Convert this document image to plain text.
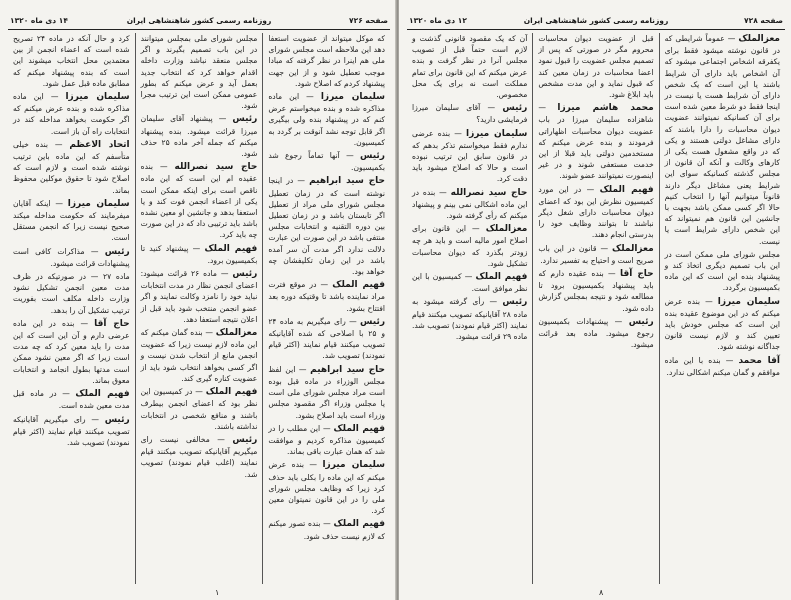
صفحه ۷۲۶
روزنامه رسمی کشور شاهنشاهی ایران
۱۴ دی ماه ۱۳۲۰

که موکل میتواند از عضویت استعفا دهد این ملاحظه است مجلس شورای ملی هم اینرا در نظر گرفته که مبادا موجب تعطیل شود و از این جهت پیشنهاد کردم که اصلاح شود.

سلیمان میرزا — این ماده مذاکره شده و بنده میخواستم عرض کنم که در پیشنهاد بنده ولی بیگیری اگر قابل توجه نشد آنوقت بر گردد به کمیسیون.

رئیس — آنها تماماً رجوع شد بکمیسیون.

حاج سید ابراهیم — در اینجا نوشته است که در زمان تعطیل مجلس شورای ملی مراد از تعطیل اگر تابستان باشد و در زمان تعطیل بین دوره التقنیه و انتخابات مجلس منتفی باشد در این صورت این عبارت دلالت ندارد اگر مدت آن سر آمده باشد در این زمان تکلیفشان چه خواهد بود.

فهیم الملک — در موقع فترت مراد نماینده باشد تا وقتیکه دوره بعد افتتاح بشود.

رئیس — رای میگیریم به ماده ۲۴ و ۲۵ با اصلاحی که شده آقایانیکه تصویب میکنند قیام نمایند (اکثر قیام نمودند) تصویب شد.

حاج سید ابراهیم — این لفظ مجلس الوزراء در ماده قبل بوده است مراد مجلس شورای ملی است یا مجلس وزراء اگر مقصود مجلس وزراء است باید اصلاح بشود.

فهیم الملک — این مطلب را در کمیسیون مذاکره کردیم و موافقت شد که همان عبارت باقی بماند.

سلیمان میرزا — بنده عرض میکنم که این ماده را بکلی باید حذف کرد زیرا که وظایف مجلس شورای ملی را در این قانون نمیتوان معین کرد.

فهیم الملک — بنده تصور میکنم که لازم نیست حذف شود.

مجلس شورای ملی بمجلس میتوانند در این باب تصمیم بگیرند و اگر مجلس منعقد نباشد وزارت داخله اقدام خواهد کرد که انتخاب جدید بعمل آید و عرض میکنم که بطور عمومی ممکن است این ترتیب مجرا شود.

رئیس — پیشنهاد آقای سلیمان میرزا قرائت میشود. بنده پیشنهاد میکنم که جمله آخر ماده ۲۵ حذف شود.

حاج سید نصرالله — بنده عقیده ام این است که این ماده ناقص است برای اینکه ممکن است یکی از اعضاء انجمن فوت کند و یا استعفا بدهد و جانشین او معین نشده باشد باید ترتیبی داد که در این صورت چه باید کرد.

فهیم الملک — پیشنهاد کنید تا بکمیسیون برود.

رئیس — ماده ۲۶ قرائت میشود: اعضای انجمن نظار در مدت انتخابات نباید خود را نامزد وکالت نمایند و اگر عضو انجمن منتخب شود باید قبل از اعلان نتیجه استعفا دهد.

معزالملک — بنده گمان میکنم که این ماده لازم نیست زیرا که عضویت انجمن مانع از انتخاب شدن نیست و اگر کسی بخواهد انتخاب شود باید از عضویت کناره گیری کند.

فهیم الملک — در کمیسیون این نظر بود که اعضای انجمن بیطرف باشند و منافع شخصی در انتخابات نداشته باشند.

رئیس — مخالفی نیست رای میگیریم آقایانیکه تصویب میکنند قیام نمایند (اغلب قیام نمودند) تصویب شد.

کرد و حال آنکه در ماده ۲۴ تصریح شده است که اعضاء انجمن از بین معتمدین محل انتخاب میشوند این است که بنده پیشنهاد میکنم که مطابق ماده قبل عمل شود.

سلیمان میرزا — این ماده مذاکره شده و بنده عرض میکنم که اگر حکومت بخواهد مداخله کند در انتخابات راه آن باز است.

اتحاد الاعظم — بنده خیلی متأسفم که این ماده باین ترتیب نوشته شده است و لازم است که اصلاح شود تا حقوق موکلین محفوظ بماند.

سلیمان میرزا — اینکه آقایان میفرمایند که حکومت مداخله میکند صحیح نیست زیرا که انجمن مستقل است.

رئیس — مذاکرات کافی است پیشنهادات قرائت میشود.

ماده ۲۷ — در صورتیکه در ظرف مدت معین انجمن تشکیل نشود وزارت داخله مکلف است بفوریت ترتیب تشکیل آن را بدهد.

حاج آقا — بنده در این ماده عرضی دارم و آن این است که این مدت را باید معین کرد که چه مدت است زیرا که اگر معین نشود ممکن است مدتها بطول انجامد و انتخابات معوق بماند.

فهیم الملک — در ماده قبل مدت معین شده است.

رئیس — رای میگیریم آقایانیکه تصویب میکنند قیام نمایند (اکثر قیام نمودند) تصویب شد.

۱
صفحه ۷۲۸
روزنامه رسمی کشور شاهنشاهی ایران
۱۲ دی ماه ۱۳۲۰

معزالملک — عموماً شرایطی که در قانون نوشته میشود فقط برای یکفرقه اشخاص اجتماعی میشود که آن اشخاص باید دارای آن شرایط باشند یا این است که یک شخص دارای آن شرایط هست یا نیست در اینجا فقط دو شرط معین شده است برای آن کسانیکه نمیتوانند عضویت دیوان محاسبات را دارا باشند که دارای مشاغل دولتی هستند و یکی که در واقع مشغول هست یکی از کارهای وکالت و آنکه آن قانون از مجلس گذشته کسانیکه سوای این شرایط یعنی مشاغل دیگر دارند قانوناً میتوانیم آنها را انتخاب کنیم حالا اگر کسی ممکن باشد بجهت با جانشین این قانون هم نمیتواند که این شخص دارای شرایط است یا نیست.

مجلس شورای ملی ممکن است در این باب تصمیم دیگری اتخاذ کند و پیشنهاد بنده این است که این ماده بکمیسیون برگردد.

سلیمان میرزا — بنده عرض میکنم که در این موضوع عقیده بنده این است که مجلس خودش باید تعیین کند و لازم نیست قانون جداگانه نوشته شود.

آقا محمد — بنده با این ماده موافقم و گمان میکنم اشکالی ندارد.

قبل از عضویت دیوان محاسبات محروم مگر در صورتی که پس از تصمیم مجلس عضویت را قبول نمود اعضا محاسبات در زمان معین کند که قبول نماید و این مدت مشخص باید ابلاغ شود.

محمد هاشم میرزا — شاهزاده سلیمان میرزا در باب عضویت دیوان محاسبات اظهاراتی فرمودند و بنده عرض میکنم که مستخدمین دولتی باید قبلا از این خدمت مستعفی شوند و در غیر اینصورت نمیتوانند عضو شوند.

فهیم الملک — در این مورد کمیسیون نظرش این بود که اعضای دیوان محاسبات دارای شغل دیگر نباشند تا بتوانند وظایف خود را بدرستی انجام دهند.

معزالملک — قانون در این باب صریح است و احتیاج به تفسیر ندارد.

حاج آقا — بنده عقیده دارم که باید پیشنهاد بکمیسیون برود تا مطالعه شود و نتیجه بمجلس گزارش داده شود.

رئیس — پیشنهادات بکمیسیون رجوع میشود. ماده بعد قرائت میشود.

آن که یک مقصود قانونی گذشت و لازم است حتماً قبل از تصویب مجلس آنرا در نظر گرفت و بنده عرض میکنم که این قانون برای تمام مملکت است نه برای یک محل مخصوص.

رئیس — آقای سلیمان میرزا فرمایشی دارید؟

سلیمان میرزا — بنده عرضی ندارم فقط میخواستم تذکر بدهم که در قانون سابق این ترتیب نبوده است و حالا که اصلاح میشود باید دقت کرد.

حاج سید نصرالله — بنده در این ماده اشکالی نمی بینم و پیشنهاد میکنم که رأی گرفته شود.

معزالملک — این قانون برای اصلاح امور مالیه است و باید هر چه زودتر بگذرد که دیوان محاسبات تشکیل شود.

فهیم الملک — کمیسیون با این نظر موافق است.

رئیس — رأی گرفته میشود به ماده ۲۸ آقایانیکه تصویب میکنند قیام نمایند (اکثر قیام نمودند) تصویب شد. ماده ۲۹ قرائت میشود.

۸
